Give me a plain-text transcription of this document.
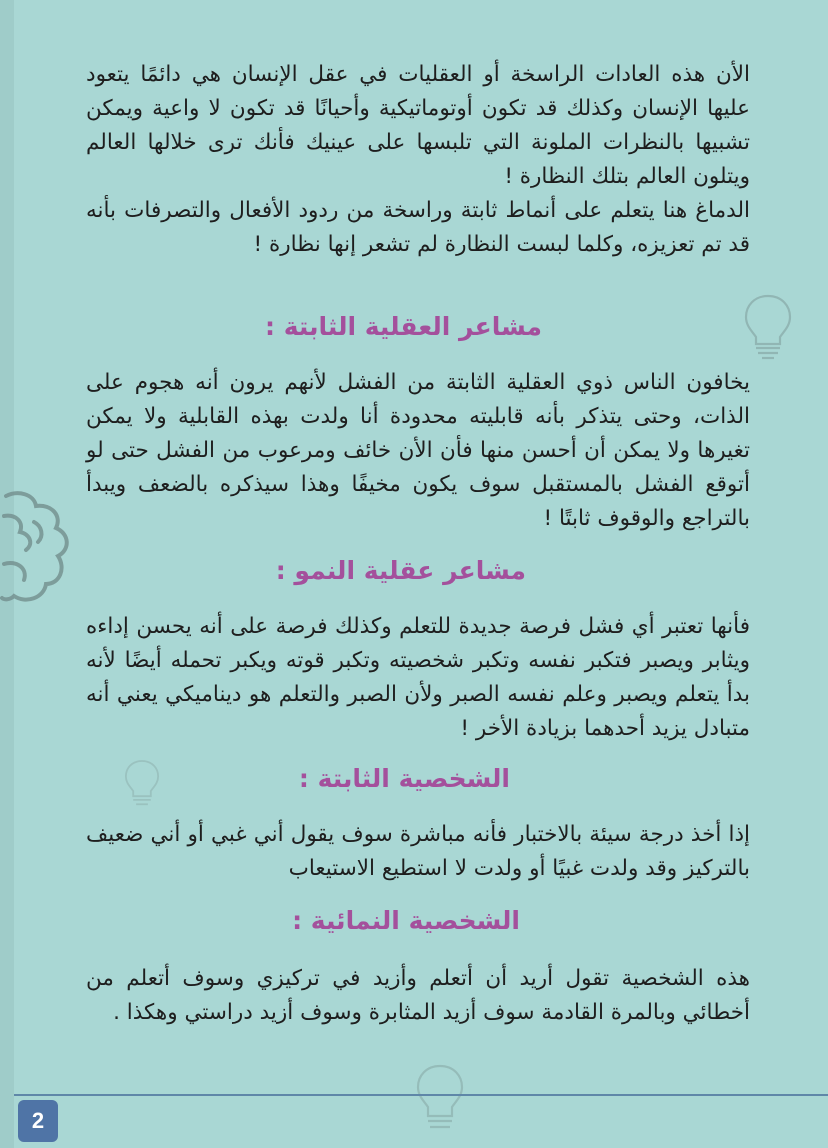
الأن هذه العادات الراسخة أو العقليات في عقل الإنسان هي دائمًا يتعود عليها الإنسان وكذلك قد تكون أوتوماتيكية وأحيانًا قد تكون لا واعية ويمكن تشبيها بالنظرات الملونة التي تلبسها على عينيك فأنك ترى خلالها العالم ويتلون العالم بتلك النظارة !

الدماغ هنا يتعلم على أنماط ثابتة وراسخة من ردود الأفعال والتصرفات بأنه قد تم تعزيزه، وكلما لبست النظارة لم تشعر إنها نظارة !

مشاعر العقلية الثابتة :

يخافون الناس ذوي العقلية الثابتة من الفشل لأنهم يرون أنه هجوم على الذات، وحتى يتذكر بأنه قابليته محدودة أنا ولدت بهذه القابلية ولا يمكن تغيرها ولا يمكن أن أحسن منها فأن الأن خائف ومرعوب من الفشل حتى لو أتوقع الفشل بالمستقبل سوف يكون مخيفًا وهذا سيذكره بالضعف ويبدأ بالتراجع والوقوف ثابتًا !

مشاعر عقلية النمو :

فأنها تعتبر أي فشل فرصة جديدة للتعلم وكذلك فرصة على أنه يحسن إداءه ويثابر ويصبر فتكبر نفسه وتكبر شخصيته وتكبر قوته ويكبر تحمله أيضًا لأنه بدأ يتعلم ويصبر وعلم نفسه الصبر ولأن الصبر والتعلم هو ديناميكي يعني أنه متبادل يزيد أحدهما بزيادة الأخر !

الشخصية الثابتة :

إذا أخذ درجة سيئة بالاختبار فأنه مباشرة سوف يقول أني غبي أو أني ضعيف بالتركيز وقد ولدت غبيًا أو ولدت لا استطيع الاستيعاب

الشخصية النمائية :

هذه الشخصية تقول أريد أن أتعلم وأزيد في تركيزي وسوف أتعلم من أخطائي وبالمرة القادمة سوف أزيد المثابرة وسوف أزيد دراستي وهكذا .

2
